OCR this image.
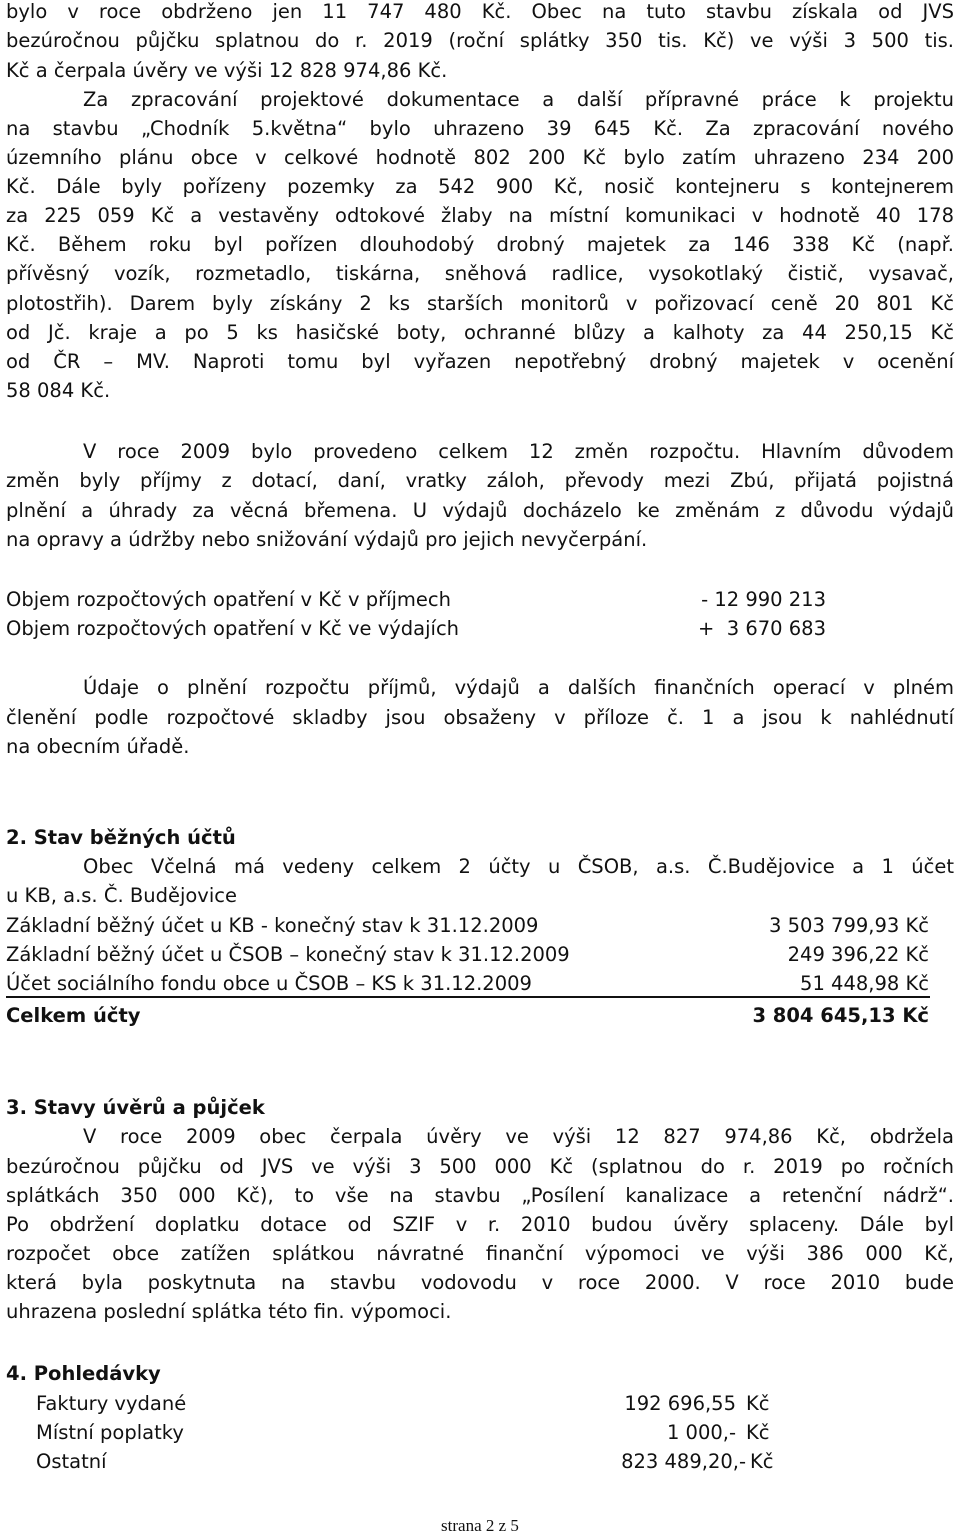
bylo v roce obdrženo jen 11 747 480 Kč. Obec na tuto stavbu získala od JVS
bezúročnou půjčku splatnou do r. 2019 (roční splátky 350 tis. Kč) ve výši 3 500 tis.
Kč a čerpala úvěry ve výši 12 828 974,86 Kč.
Za zpracování projektové dokumentace a další přípravné práce k projektu
na stavbu „Chodník 5.května“ bylo uhrazeno 39 645 Kč. Za zpracování nového
územního plánu obce v celkové hodnotě 802 200 Kč bylo zatím uhrazeno 234 200
Kč. Dále byly pořízeny pozemky za 542 900 Kč, nosič kontejneru s kontejnerem
za 225 059 Kč a vestavěny odtokové žlaby na místní komunikaci v hodnotě 40 178
Kč. Během roku byl pořízen dlouhodobý drobný majetek za 146 338 Kč (např.
přívěsný vozík, rozmetadlo, tiskárna, sněhová radlice, vysokotlaký čistič, vysavač,
plotostřih). Darem byly získány 2 ks starších monitorů v pořizovací ceně 20 801 Kč
od Jč. kraje a po 5 ks hasičské boty, ochranné blůzy a kalhoty za 44 250,15 Kč
od ČR – MV. Naproti tomu byl vyřazen nepotřebný drobný majetek v ocenění
58 084 Kč.
V roce 2009 bylo provedeno celkem 12 změn rozpočtu. Hlavním důvodem
změn byly příjmy z dotací, daní, vratky záloh, převody mezi Zbú, přijatá pojistná
plnění a úhrady za věcná břemena. U výdajů docházelo ke změnám z důvodu výdajů
na opravy a údržby nebo snižování výdajů pro jejich nevyčerpání.
Objem rozpočtových opatření v Kč v příjmech	- 12 990 213
Objem rozpočtových opatření v Kč ve výdajích	+  3 670 683
Údaje o plnění rozpočtu příjmů, výdajů a dalších finančních operací v plném
členění podle rozpočtové skladby jsou obsaženy v příloze č. 1 a jsou k nahlédnutí
na obecním úřadě.
2. Stav běžných účtů
Obec Včelná má vedeny celkem 2 účty u ČSOB, a.s. Č.Budějovice a 1 účet
u KB, a.s. Č. Budějovice
Základní běžný účet u KB - konečný stav k 31.12.2009	3 503 799,93 Kč
Základní běžný účet u ČSOB – konečný stav k 31.12.2009	249 396,22 Kč
Účet sociálního fondu obce u ČSOB – KS k 31.12.2009	51 448,98 Kč
Celkem účty	3 804 645,13 Kč
3. Stavy úvěrů a půjček
V roce 2009 obec čerpala úvěry ve výši 12 827 974,86 Kč, obdržela
bezúročnou půjčku od JVS ve výši 3 500 000 Kč (splatnou do r. 2019 po ročních
splátkách 350 000 Kč), to vše na stavbu „Posílení kanalizace a retenční nádrž“.
Po obdržení doplatku dotace od SZIF v r. 2010 budou úvěry splaceny. Dále byl
rozpočet obce zatížen splátkou návratné finanční výpomoci ve výši 386 000 Kč,
která byla poskytnuta na stavbu vodovodu v roce 2000. V roce 2010 bude
uhrazena poslední splátka této fin. výpomoci.
4. Pohledávky
Faktury vydané	192 696,55 Kč
Místní poplatky	1 000,- Kč
Ostatní	823 489,20,- Kč
strana 2 z 5
